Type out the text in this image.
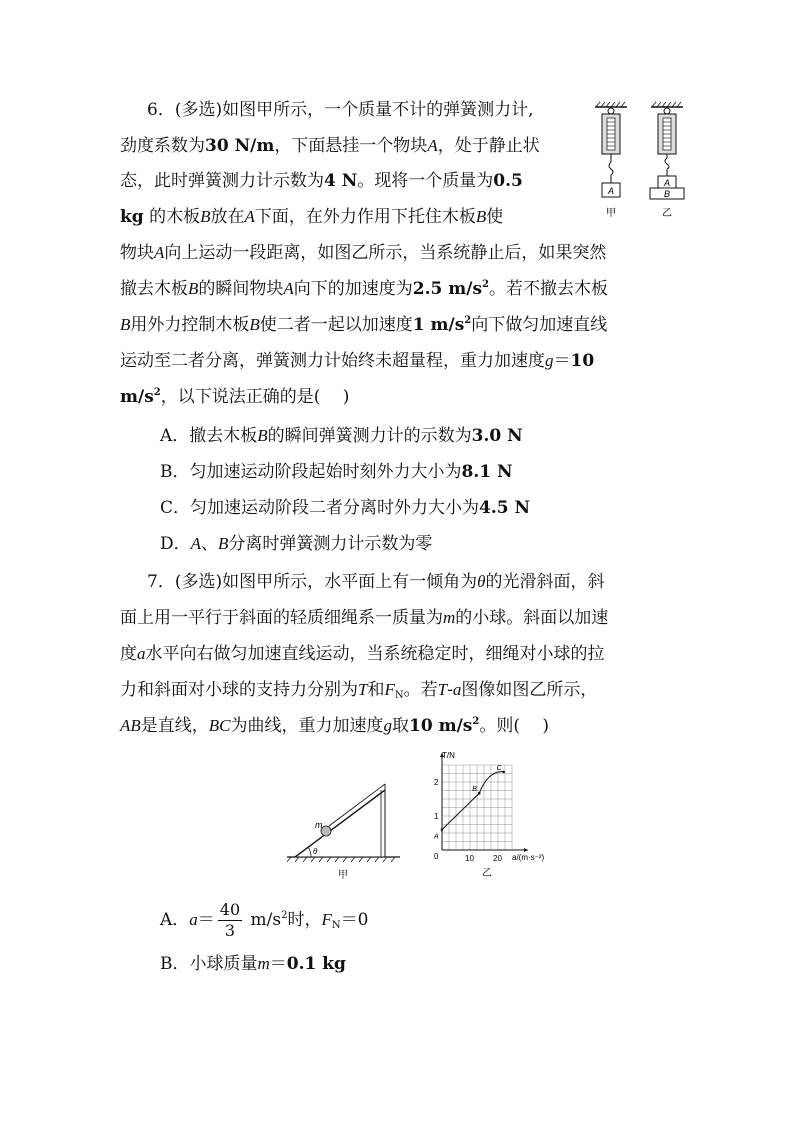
6．(多选)如图甲所示，一个质量不计的弹簧测力计,
劲度系数为30 N/m，下面悬挂一个物块A，处于静止状
态，此时弹簧测力计示数为4 N。现将一个质量为0.5
kg 的木板B放在A下面，在外力作用下托住木板B使
物块A向上运动一段距离，如图乙所示，当系统静止后，如果突然
撤去木板B的瞬间物块A向下的加速度为2.5 $m/s^2$。若不撤去木板
B用外力控制木板B使二者一起以加速度1 $m/s^2$向下做匀加速直线
运动至二者分离，弹簧测力计始终未超量程，重力加速度g＝10
$m/s^2$，以下说法正确的是(　 )
A．撤去木板B的瞬间弹簧测力计的示数为3.0 N
B．匀加速运动阶段起始时刻外力大小为8.1 N
C．匀加速运动阶段二者分离时外力大小为4.5 N
D．A、B分离时弹簧测力计示数为零
A
甲
A
B
乙
7．(多选)如图甲所示，水平面上有一倾角为θ的光滑斜面，斜
面上用一平行于斜面的轻质细绳系一质量为m的小球。斜面以加速
度a水平向右做匀加速直线运动，当系统稳定时，细绳对小球的拉
力和斜面对小球的支持力分别为T和$F_N$。若T-a图像如图乙所示，
AB是直线，BC为曲线，重力加速度g取10 $m/s^2$。则(　 )
m
θ
甲
10 20
0
1
2
A
B
C
T/N
a/(m·s⁻²)
乙
A．$a= \frac{40}{3} m/s^2$时，$F_N=0$
B．小球质量m＝0.1 kg
